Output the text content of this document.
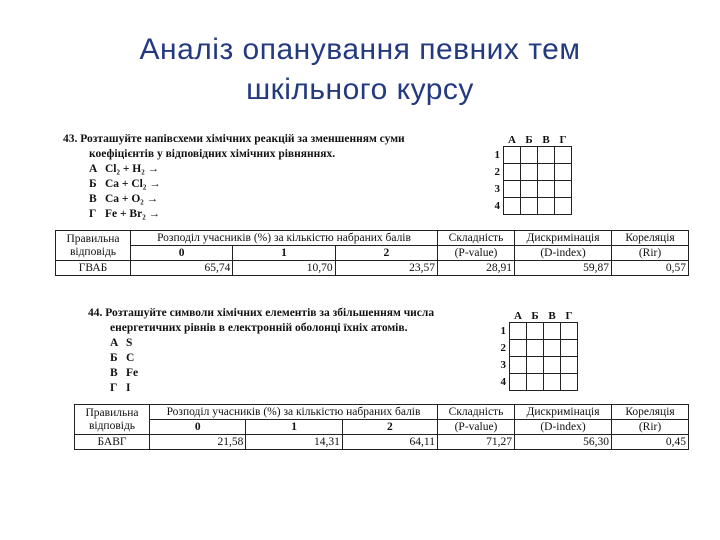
Аналіз опанування певних тем
шкільного курсу
43. Розташуйте напівсхеми хімічних реакцій за зменшенням суми
коефіцієнтів у відповідних хімічних рівняннях.
А Cl₂ + H₂ →
Б Ca + Cl₂ →
В Ca + O₂ →
Г Fe + Br₂ →
	А	Б	В	Г
1				
2				
3				
4				
Правильна
відповідь	Розподіл учасників (%) за кількістю набраних балів			Складність	Дискримінація	Кореляція
	0	1	2	(P-value)	(D-index)	(Rir)
ГВАБ	65,74	10,70	23,57	28,91	59,87	0,57
44. Розташуйте символи хімічних елементів за збільшенням числа
енергетичних рівнів в електронній оболонці їхніх атомів.
А S
Б C
В Fe
Г I
	А	Б	В	Г
1				
2				
3				
4				
Правильна
відповідь	Розподіл учасників (%) за кількістю набраних балів			Складність	Дискримінація	Кореляція
	0	1	2	(P-value)	(D-index)	(Rir)
БАВГ	21,58	14,31	64,11	71,27	56,30	0,45
